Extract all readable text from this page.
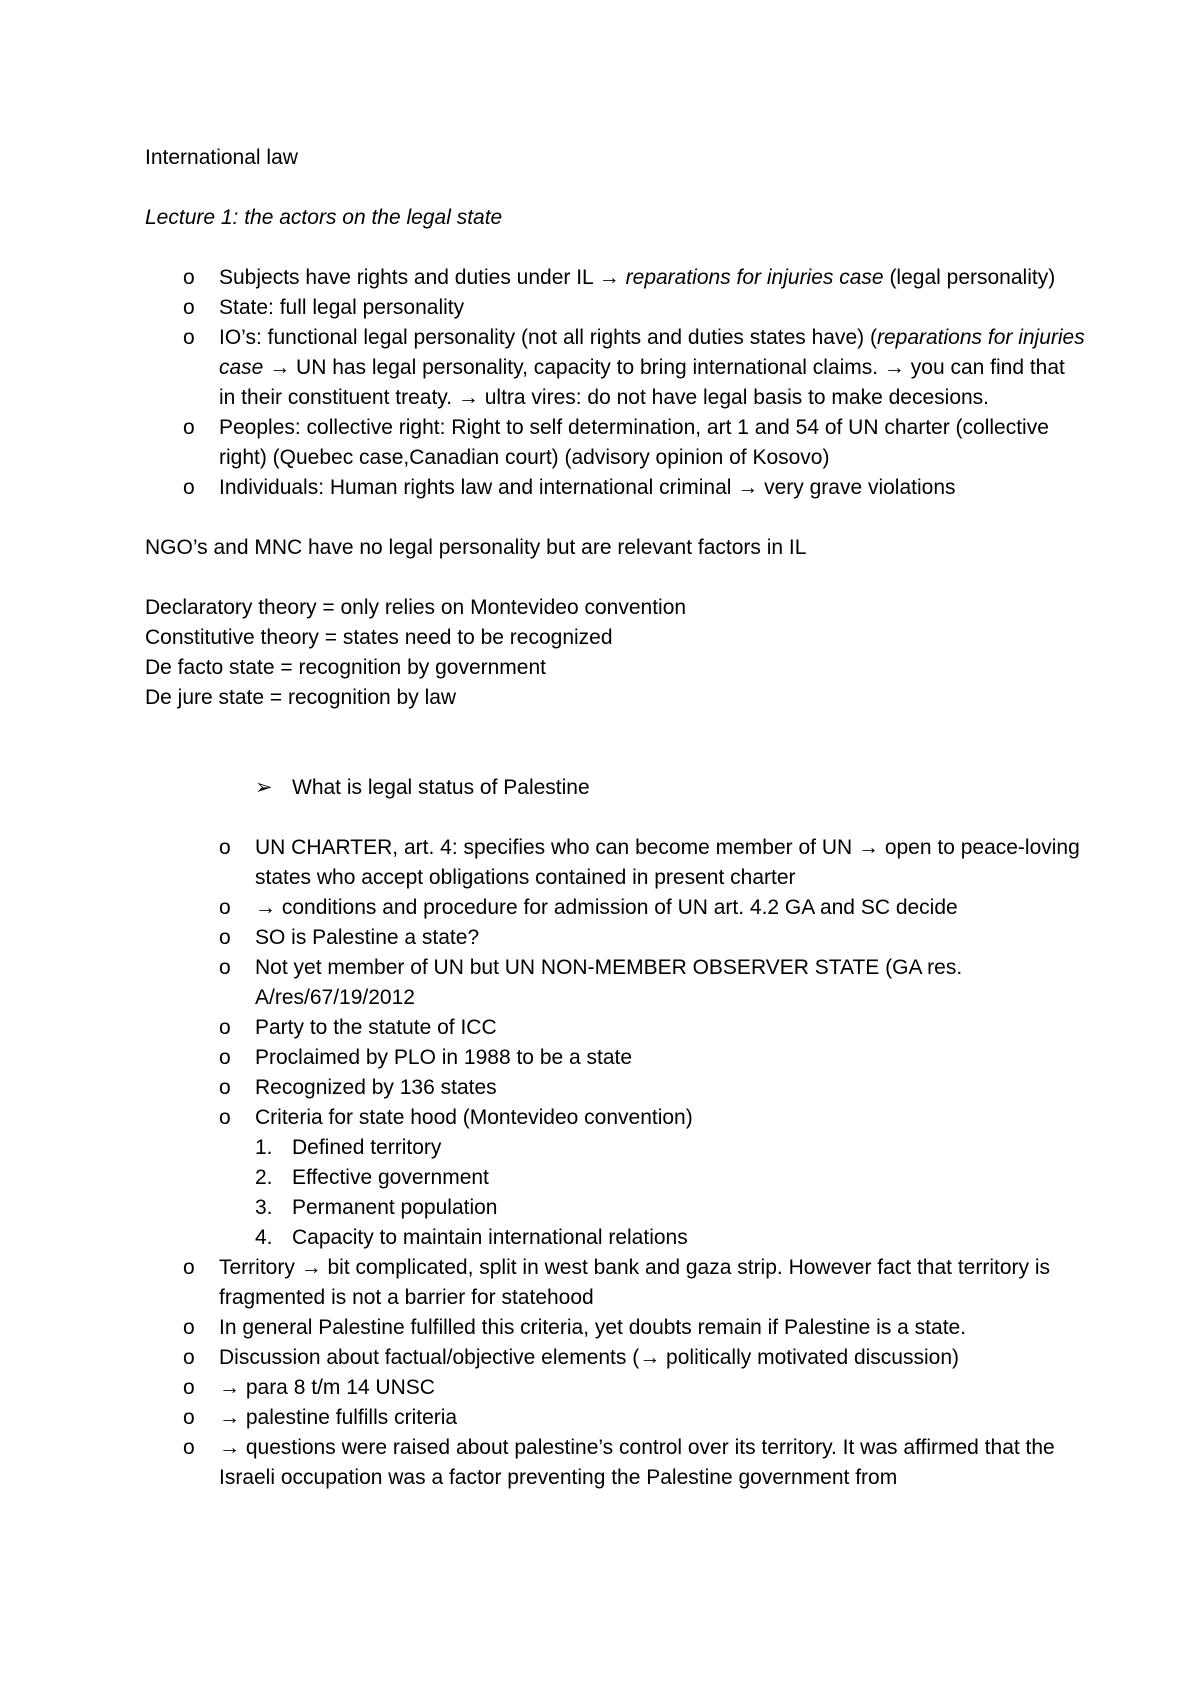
International law
Lecture 1: the actors on the legal state
o Subjects have rights and duties under IL → reparations for injuries case (legal personality)
o State: full legal personality
o IO’s: functional legal personality (not all rights and duties states have) (reparations for injuries case → UN has legal personality, capacity to bring international claims. → you can find that in their constituent treaty. → ultra vires: do not have legal basis to make decesions.
o Peoples: collective right: Right to self determination, art 1 and 54 of UN charter (collective right) (Quebec case,Canadian court) (advisory opinion of Kosovo)
o Individuals: Human rights law and international criminal → very grave violations

NGO’s and MNC have no legal personality but are relevant factors in IL

Declaratory theory = only relies on Montevideo convention

Constitutive theory = states need to be recognized

De facto state = recognition by government

De jure state = recognition by law

➢ What is legal status of Palestine

o UN CHARTER, art. 4: specifies who can become member of UN → open to peace-loving states who accept obligations contained in present charter
o → conditions and procedure for admission of UN art. 4.2 GA and SC decide
o SO is Palestine a state?
o Not yet member of UN but UN NON-MEMBER OBSERVER STATE (GA res. A/res/67/19/2012
o Party to the statute of ICC
o Proclaimed by PLO in 1988 to be a state
o Recognized by 136 states
o Criteria for state hood (Montevideo convention)
1. Defined territory
2. Effective government
3. Permanent population
4. Capacity to maintain international relations
o Territory → bit complicated, split in west bank and gaza strip. However fact that territory is fragmented is not a barrier for statehood
o In general Palestine fulfilled this criteria, yet doubts remain if Palestine is a state.
o Discussion about factual/objective elements (→ politically motivated discussion)
o → para 8 t/m 14 UNSC
o → palestine fulfills criteria
o → questions were raised about palestine’s control over its territory. It was affirmed that the Israeli occupation was a factor preventing the Palestine government from
